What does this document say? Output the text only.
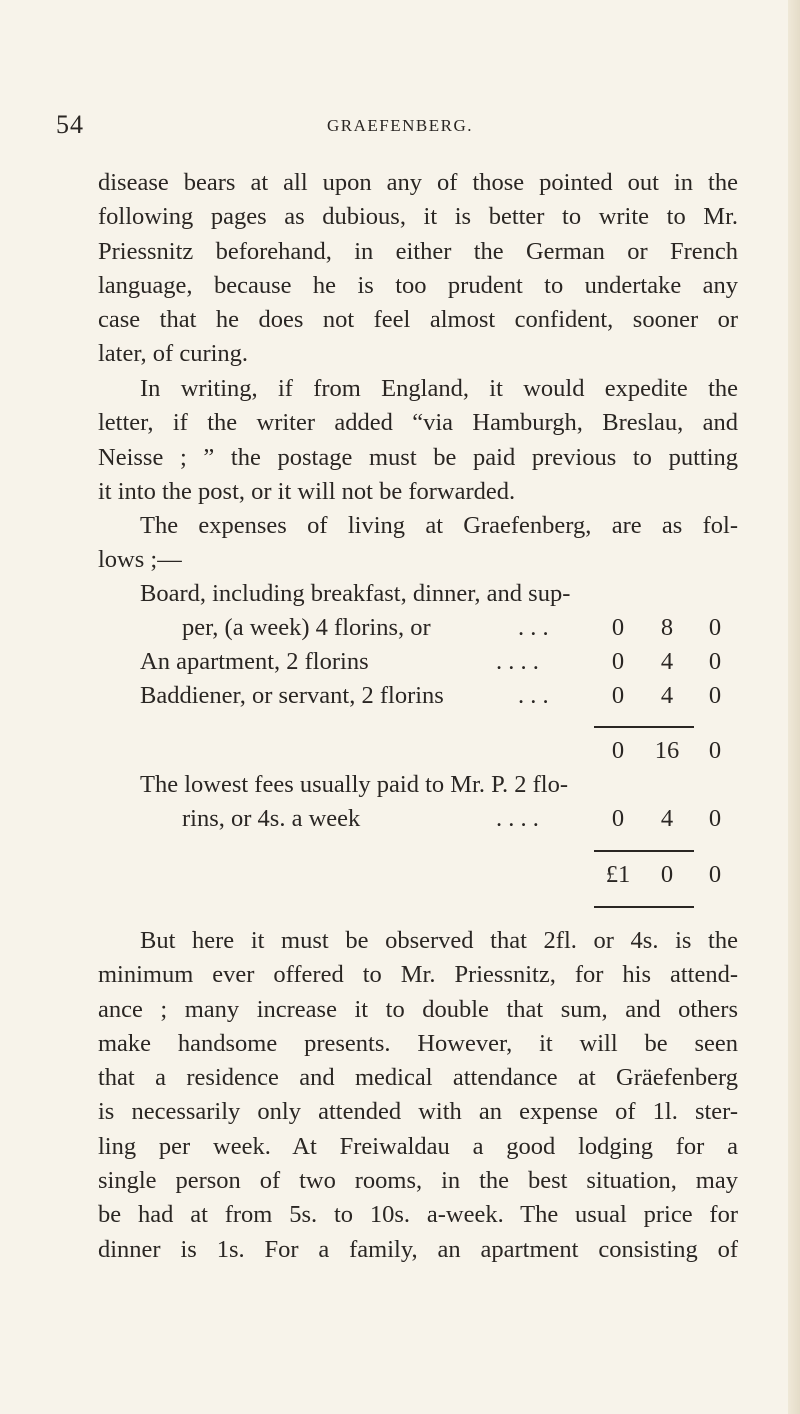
54	GRAEFENBERG.
disease bears at all upon any of those pointed out in the
following pages as dubious, it is better to write to Mr.
Priessnitz beforehand, in either the German or French
language, because he is too prudent to undertake any
case that he does not feel almost confident, sooner or
later, of curing.
In writing, if from England, it would expedite the
letter, if the writer added “via Hamburgh, Breslau, and
Neisse ; ” the postage must be paid previous to putting
it into the post, or it will not be forwarded.
The expenses of living at Graefenberg, are as fol-
lows ;—
Board, including breakfast, dinner, and sup-
per, (a week) 4 florins, or	. . .	0	8	0
An apartment, 2 florins	. . . .	0	4	0
Baddiener, or servant, 2 florins	. . .	0	4	0
0	16	0
The lowest fees usually paid to Mr. P. 2 flo-
rins, or 4s. a week	. . . .	0	4	0
£1	0	0
But here it must be observed that 2fl. or 4s. is the
minimum ever offered to Mr. Priessnitz, for his attend-
ance ; many increase it to double that sum, and others
make handsome presents. However, it will be seen
that a residence and medical attendance at Gräefenberg
is necessarily only attended with an expense of 1l. ster-
ling per week. At Freiwaldau a good lodging for a
single person of two rooms, in the best situation, may
be had at from 5s. to 10s. a-week. The usual price for
dinner is 1s. For a family, an apartment consisting of
